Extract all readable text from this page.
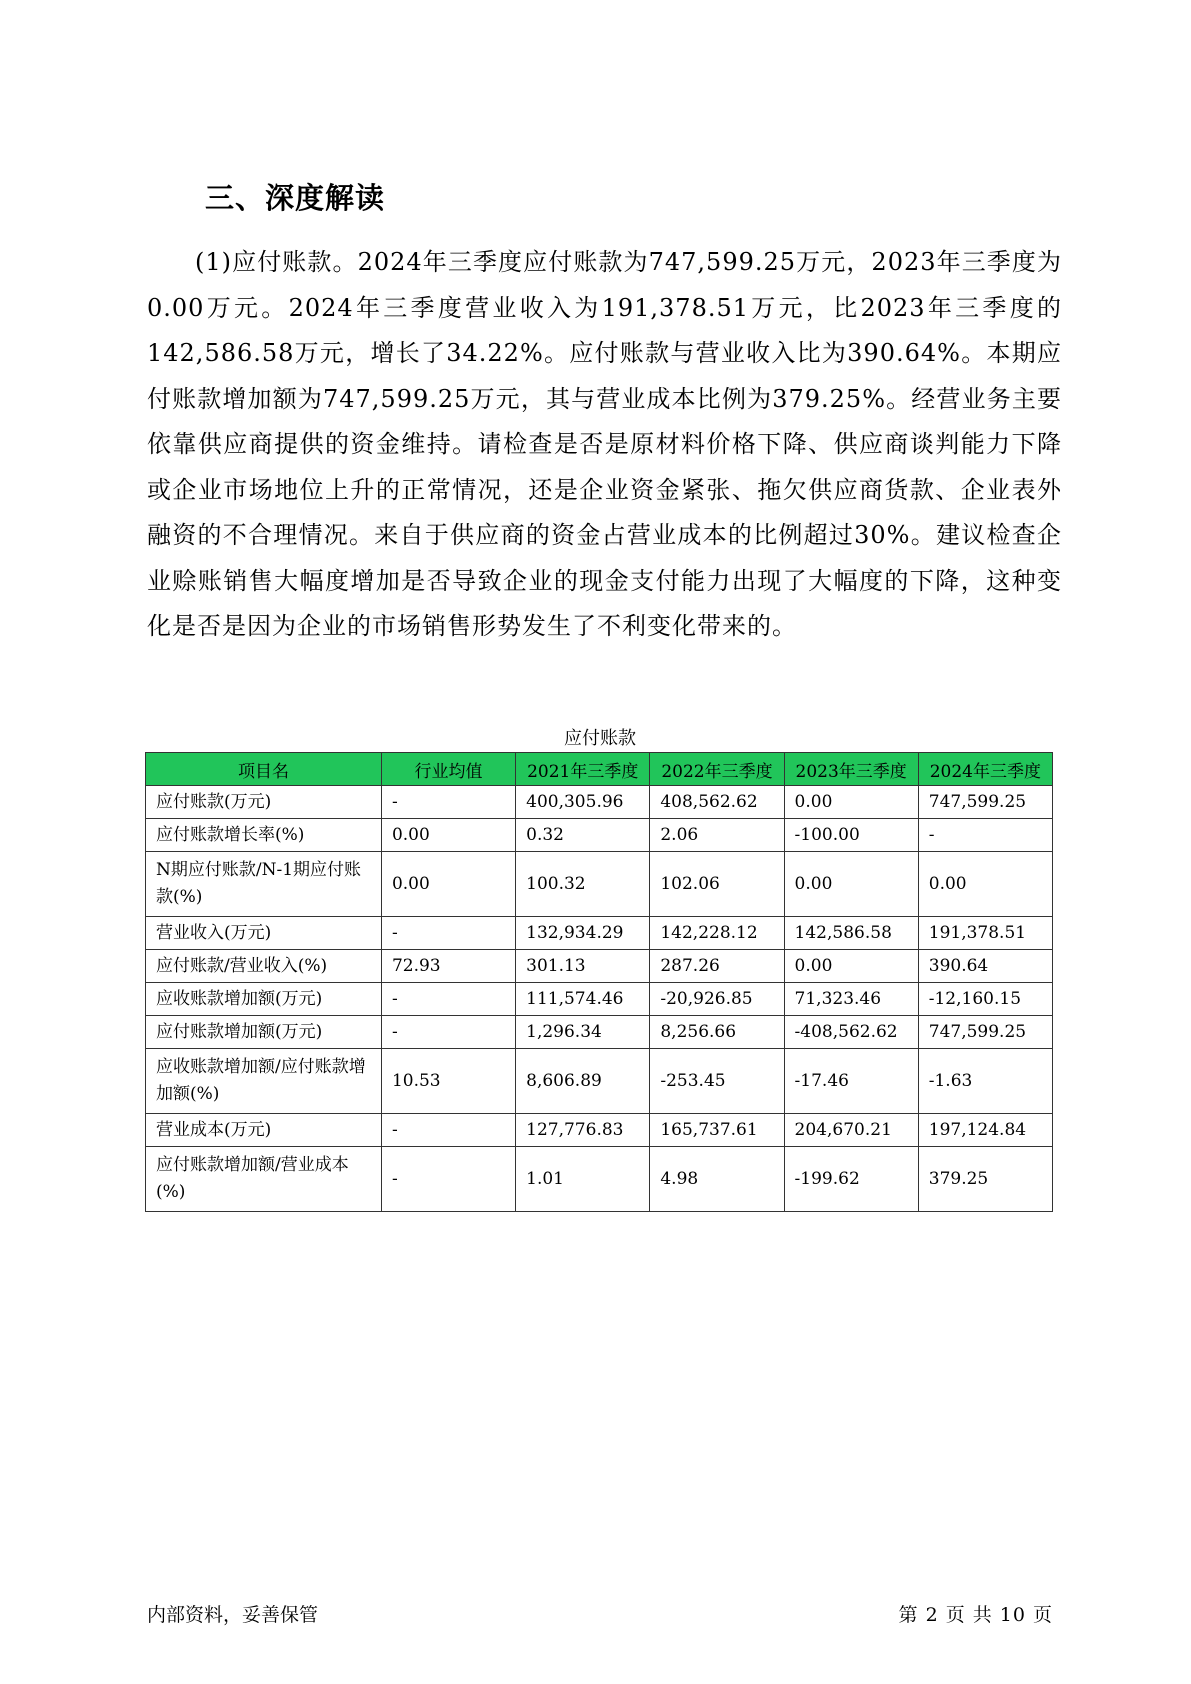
三、深度解读

(1)应付账款。2024年三季度应付账款为747,599.25万元，2023年三季度为0.00万元。2024年三季度营业收入为191,378.51万元，比2023年三季度的142,586.58万元，增长了34.22%。应付账款与营业收入比为390.64%。本期应付账款增加额为747,599.25万元，其与营业成本比例为379.25%。经营业务主要依靠供应商提供的资金维持。请检查是否是原材料价格下降、供应商谈判能力下降或企业市场地位上升的正常情况，还是企业资金紧张、拖欠供应商货款、企业表外融资的不合理情况。来自于供应商的资金占营业成本的比例超过30%。建议检查企业赊账销售大幅度增加是否导致企业的现金支付能力出现了大幅度的下降，这种变化是否是因为企业的市场销售形势发生了不利变化带来的。

应付账款
项目名	行业均值	2021年三季度	2022年三季度	2023年三季度	2024年三季度
应付账款(万元)	-	400,305.96	408,562.62	0.00	747,599.25
应付账款增长率(%)	0.00	0.32	2.06	-100.00	-
N期应付账款/N-1期应付账款(%)	0.00	100.32	102.06	0.00	0.00
营业收入(万元)	-	132,934.29	142,228.12	142,586.58	191,378.51
应付账款/营业收入(%)	72.93	301.13	287.26	0.00	390.64
应收账款增加额(万元)	-	111,574.46	-20,926.85	71,323.46	-12,160.15
应付账款增加额(万元)	-	1,296.34	8,256.66	-408,562.62	747,599.25
应收账款增加额/应付账款增加额(%)	10.53	8,606.89	-253.45	-17.46	-1.63
营业成本(万元)	-	127,776.83	165,737.61	204,670.21	197,124.84
应付账款增加额/营业成本(%)	-	1.01	4.98	-199.62	379.25
内部资料，妥善保管	第 2 页 共 10 页
